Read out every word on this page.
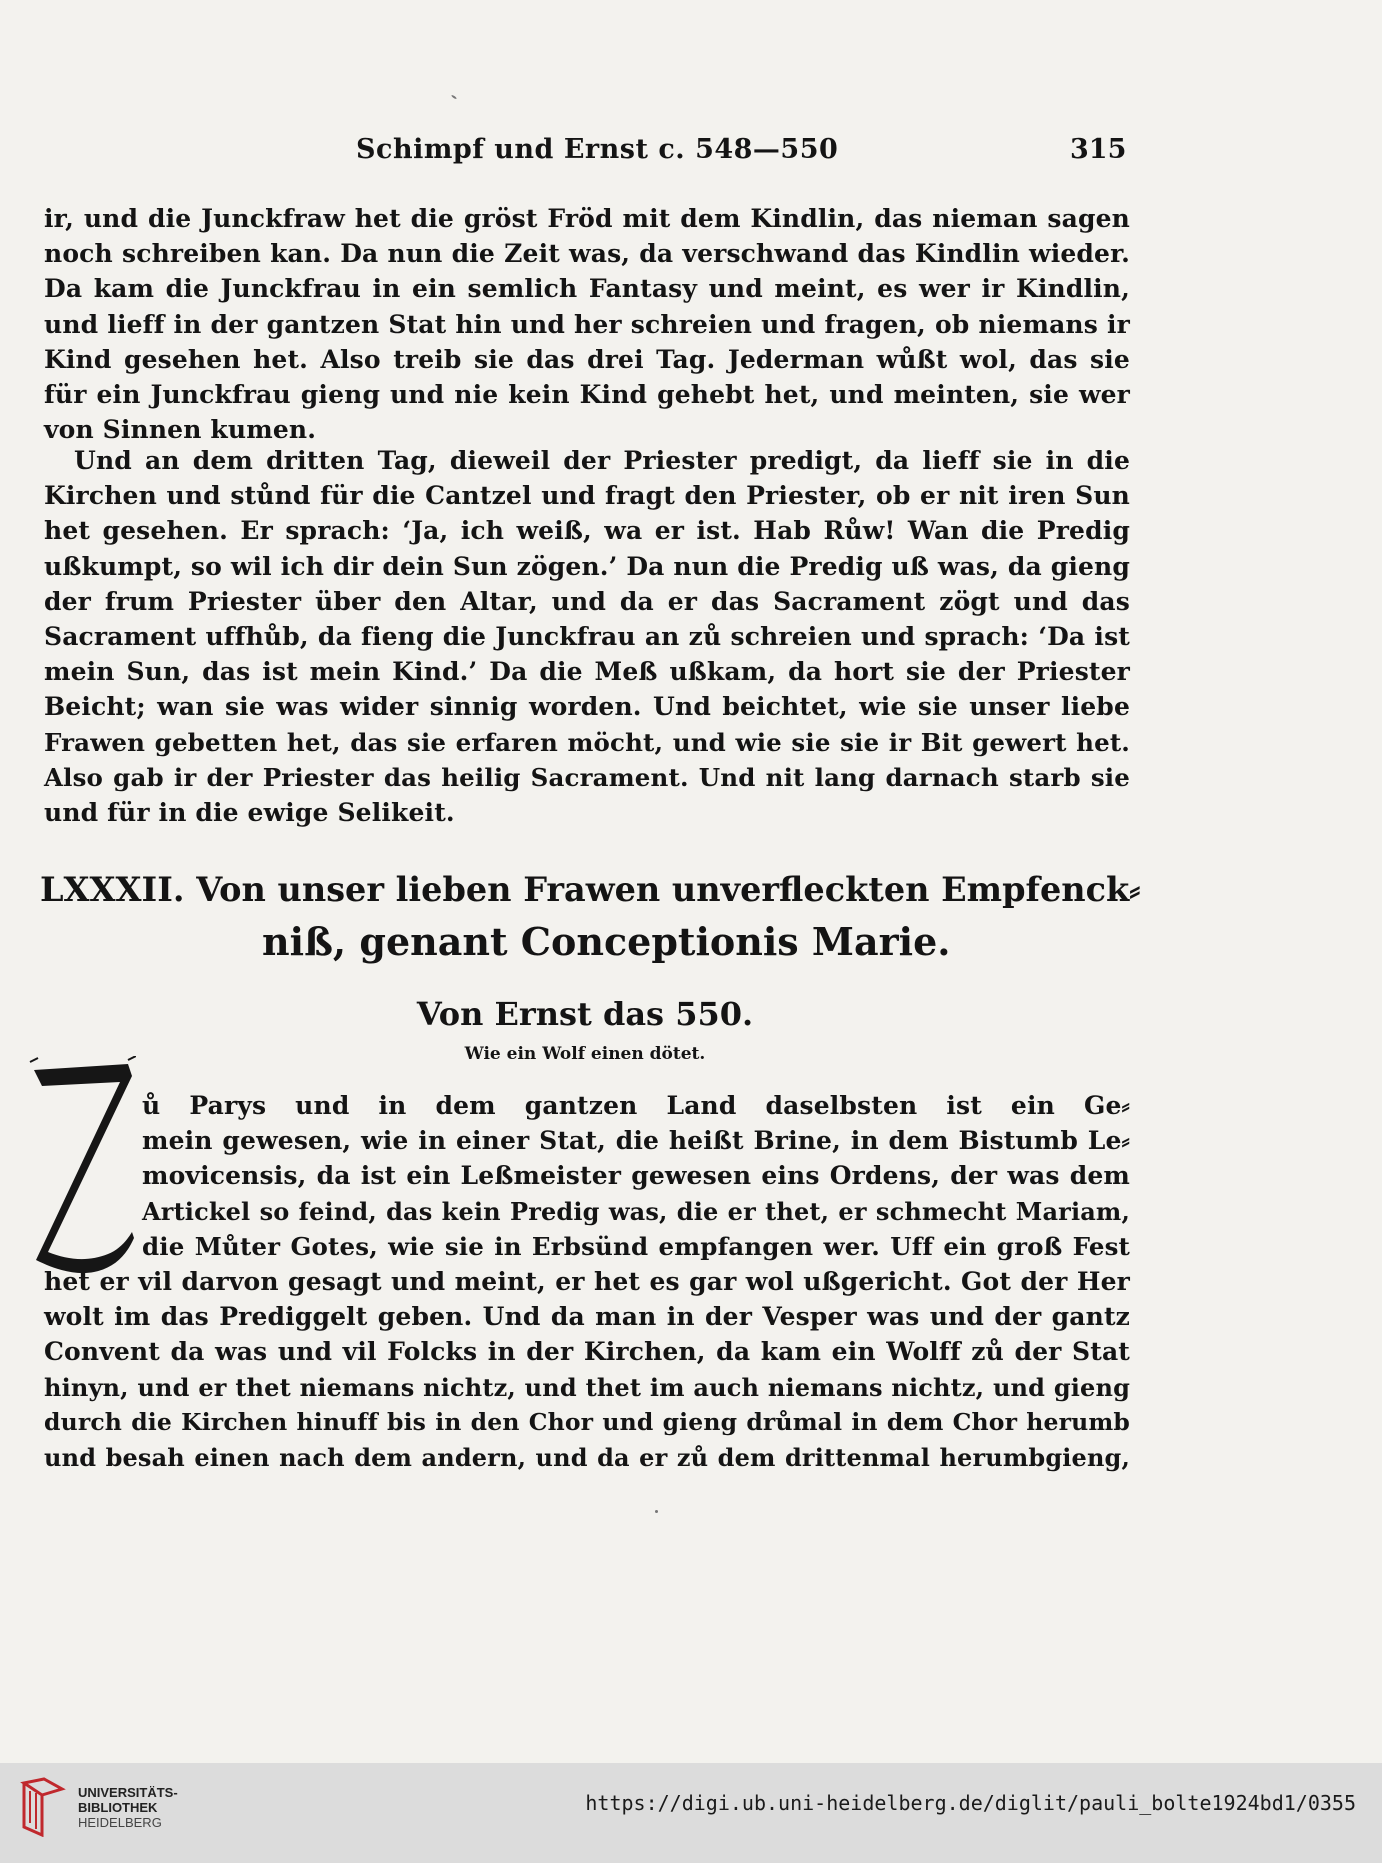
Schimpf und Ernst c. 548—550	315
ir, und die Junckfraw het die gröst Fröd mit dem Kindlin, das nieman sagen
noch schreiben kan. Da nun die Zeit was, da verschwand das Kindlin wieder.
Da kam die Junckfrau in ein semlich Fantasy und meint, es wer ir Kindlin,
und lieff in der gantzen Stat hin und her schreien und fragen, ob niemans ir
Kind gesehen het. Also treib sie das drei Tag. Jederman wůßt wol, das sie
für ein Junckfrau gieng und nie kein Kind gehebt het, und meinten, sie wer
von Sinnen kumen.
Und an dem dritten Tag, dieweil der Priester predigt, da lieff sie in die
Kirchen und stůnd für die Cantzel und fragt den Priester, ob er nit iren Sun
het gesehen. Er sprach: ‘Ja, ich weiß, wa er ist. Hab Růw! Wan die Predig
ußkumpt, so wil ich dir dein Sun zögen.’ Da nun die Predig uß was, da gieng
der frum Priester über den Altar, und da er das Sacrament zögt und das
Sacrament uffhůb, da fieng die Junckfrau an zů schreien und sprach: ‘Da ist
mein Sun, das ist mein Kind.’ Da die Meß ußkam, da hort sie der Priester
Beicht; wan sie was wider sinnig worden. Und beichtet, wie sie unser liebe
Frawen gebetten het, das sie erfaren möcht, und wie sie sie ir Bit gewert het.
Also gab ir der Priester das heilig Sacrament. Und nit lang darnach starb sie
und für in die ewige Selikeit.
LXXXII. Von unser lieben Frawen unverfleckten Empfenck⸗
niß, genant Conceptionis Marie.
Von Ernst das 550.
Wie ein Wolf einen dötet.
ů Parys und in dem gantzen Land daselbsten ist ein Ge⸗
mein gewesen, wie in einer Stat, die heißt Brine, in dem Bistumb Le⸗
movicensis, da ist ein Leßmeister gewesen eins Ordens, der was dem
Artickel so feind, das kein Predig was, die er thet, er schmecht Mariam,
die Můter Gotes, wie sie in Erbsünd empfangen wer. Uff ein groß Fest
het er vil darvon gesagt und meint, er het es gar wol ußgericht. Got der Her
wolt im das Prediggelt geben. Und da man in der Vesper was und der gantz
Convent da was und vil Folcks in der Kirchen, da kam ein Wolff zů der Stat
hinyn, und er thet niemans nichtz, und thet im auch niemans nichtz, und gieng
durch die Kirchen hinuff bis in den Chor und gieng drůmal in dem Chor herumb
und besah einen nach dem andern, und da er zů dem drittenmal herumbgieng,
UNIVERSITÄTS-
BIBLIOTHEK
HEIDELBERG
https://digi.ub.uni-heidelberg.de/diglit/pauli_bolte1924bd1/0355
